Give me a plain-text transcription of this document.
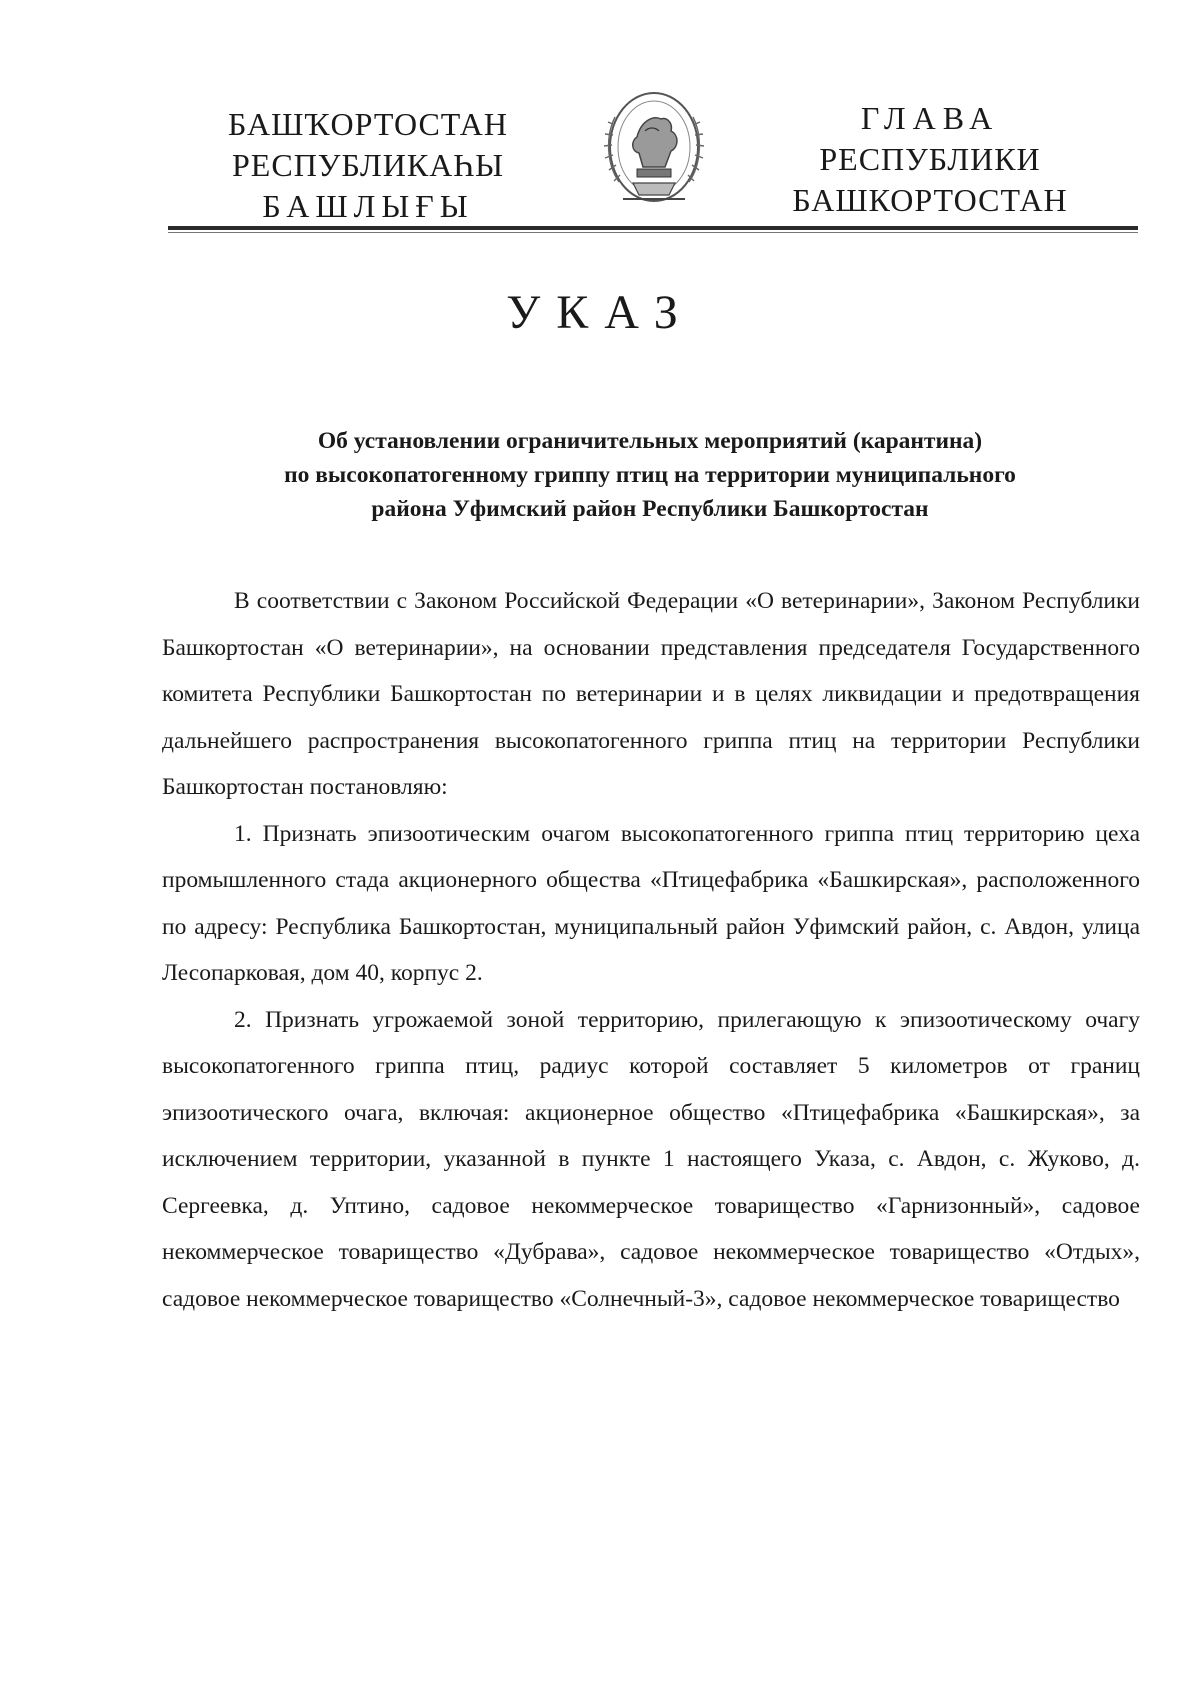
БАШҠОРТОСТАН
РЕСПУБЛИКАҺЫ
БАШЛЫҒЫ
ГЛАВА
РЕСПУБЛИКИ
БАШКОРТОСТАН
УКАЗ
Об установлении ограничительных мероприятий (карантина)
по высокопатогенному гриппу птиц на территории муниципального
района Уфимский район Республики Башкортостан

В соответствии с Законом Российской Федерации «О ветеринарии», Законом Республики Башкортостан «О ветеринарии», на основании представления председателя Государственного комитета Республики Башкортостан по ветеринарии и в целях ликвидации и предотвращения дальнейшего распространения высокопатогенного гриппа птиц на территории Республики Башкортостан постановляю:

1. Признать эпизоотическим очагом высокопатогенного гриппа птиц территорию цеха промышленного стада акционерного общества «Птицефабрика «Башкирская», расположенного по адресу: Республика Башкортостан, муниципальный район Уфимский район, с. Авдон, улица Лесопарковая, дом 40, корпус 2.

2. Признать угрожаемой зоной территорию, прилегающую к эпизоотическому очагу высокопатогенного гриппа птиц, радиус которой составляет 5 километров от границ эпизоотического очага, включая: акционерное общество «Птицефабрика «Башкирская», за исключением территории, указанной в пункте 1 настоящего Указа, с. Авдон, с. Жуково, д. Сергеевка, д. Уптино, садовое некоммерческое товарищество «Гарнизонный», садовое некоммерческое товарищество «Дубрава», садовое некоммерческое товарищество «Отдых», садовое некоммерческое товарищество «Солнечный-3», садовое некоммерческое товарищество
